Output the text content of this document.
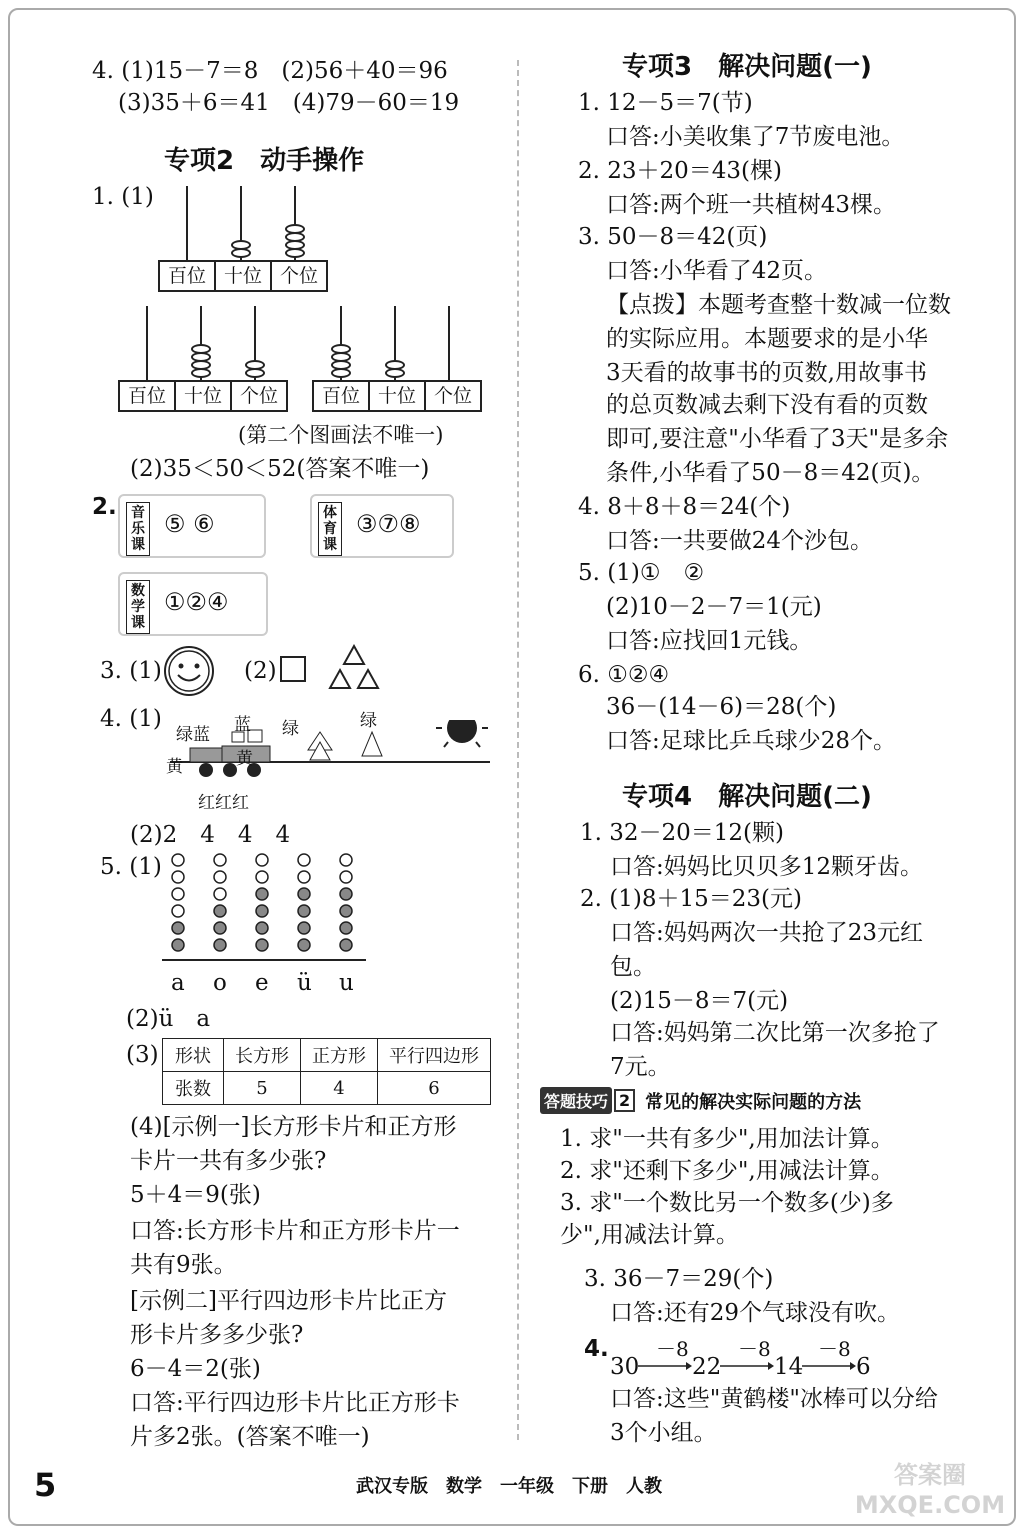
4. (1)15－7＝8　(2)56＋40＝96
(3)35＋6＝41　(4)79－60＝19
专项2　动手操作
1. (1)
百位 十位 个位
百位 十位 个位	百位 十位 个位
(第二个图画法不唯一)
(2)35＜50＜52(答案不唯一)
2.	音乐课
⑤ ⑥	体育课
③⑦⑧
数学课
①②④
3. (1)	(2)
4. (1)
绿蓝 蓝 绿	绿
黄	黄
红红红
(2)2　4　4　4
5. (1)
a o e ü u
(2)ü　a
(3) 形状	长方形	正方形	平行四边形
张数	5	4	6
(4)[示例一]长方形卡片和正方形
卡片一共有多少张?
5＋4＝9(张)
口答:长方形卡片和正方形卡片一
共有9张。
[示例二]平行四边形卡片比正方
形卡片多多少张?
6－4＝2(张)
口答:平行四边形卡片比正方形卡
片多2张。(答案不唯一)
专项3　解决问题(一)
1. 12－5＝7(节)
口答:小美收集了7节废电池。
2. 23＋20＝43(棵)
口答:两个班一共植树43棵。
3. 50－8＝42(页)
口答:小华看了42页。
【点拨】本题考查整十数减一位数
的实际应用。本题要求的是小华
3天看的故事书的页数,用故事书
的总页数减去剩下没有看的页数
即可,要注意"小华看了3天"是多余
条件,小华看了50－8＝42(页)。
4. 8＋8＋8＝24(个)
口答:一共要做24个沙包。
5. (1)①　②
(2)10－2－7＝1(元)
口答:应找回1元钱。
6. ①②④
36－(14－6)＝28(个)
口答:足球比乒乓球少28个。
专项4　解决问题(二)
1. 32－20＝12(颗)
口答:妈妈比贝贝多12颗牙齿。
2. (1)8＋15＝23(元)
口答:妈妈两次一共抢了23元红
包。
(2)15－8＝7(元)
口答:妈妈第二次比第一次多抢了
7元。
答题技巧 2 常见的解决实际问题的方法
1. 求"一共有多少",用加法计算。
2. 求"还剩下多少",用减法计算。
3. 求"一个数比另一个数多(少)多
少",用减法计算。
3. 36－7＝29(个)
口答:还有29个气球没有吹。
4.
30
－8
22
－8
14
－8
6
口答:这些"黄鹤楼"冰棒可以分给
3个小组。
5	武汉专版　数学　一年级　下册　人教	答案圈 MXQE.COM
